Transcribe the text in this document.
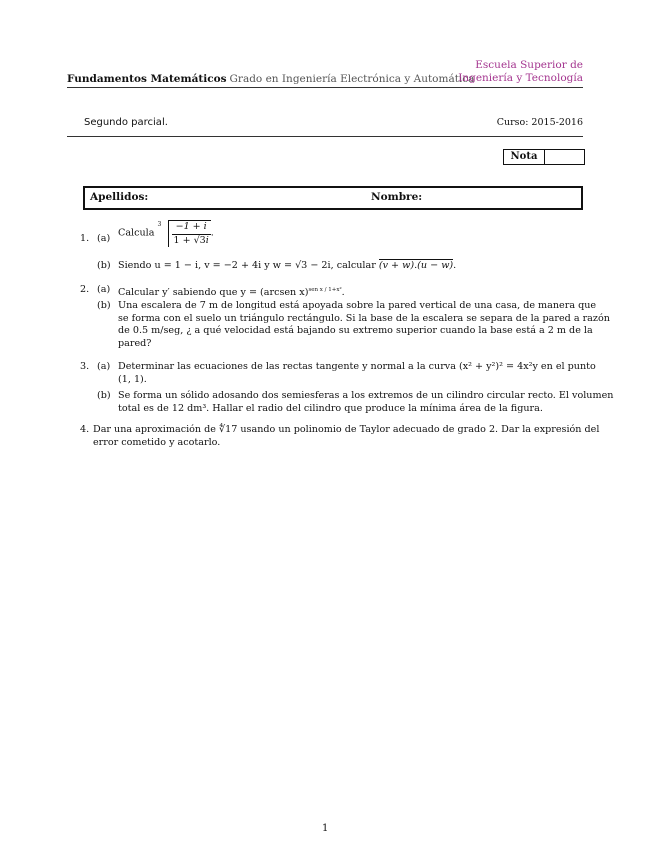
Fundamentos Matemáticos Grado en Ingeniería Electrónica y Automática
Escuela Superior de
Ingeniería y Tecnología
Segundo parcial.	Curso: 2015-2016
Nota
Apellidos:	Nombre:
1. (a)
Calcula
$3 \frac{-1 + i}{1 + √3i}$ .
(b) Siendo u = 1 − i, v = −2 + 4i y w = √3 − 2i, calcular (v + w).(u − w).
2. (a) Calcular y′ sabiendo que y = (arcsen x)$^{sen x / 1+x^2}$.
(b) Una escalera de 7 m de longitud está apoyada sobre la pared vertical de una casa, de manera que
se forma con el suelo un triángulo rectángulo. Si la base de la escalera se separa de la pared a razón
de 0.5 m/seg, ¿ a qué velocidad está bajando su extremo superior cuando la base está a 2 m de la
pared?
3. (a) Determinar las ecuaciones de las rectas tangente y normal a la curva (x² + y²)² = 4x²y en el punto
(1, 1).
(b) Se forma un sólido adosando dos semiesferas a los extremos de un cilindro circular recto. El volumen
total es de 12 dm³. Hallar el radio del cilindro que produce la mínima área de la figura.
4. Dar una aproximación de ∜17 usando un polinomio de Taylor adecuado de grado 2. Dar la expresión del
error cometido y acotarlo.
1
